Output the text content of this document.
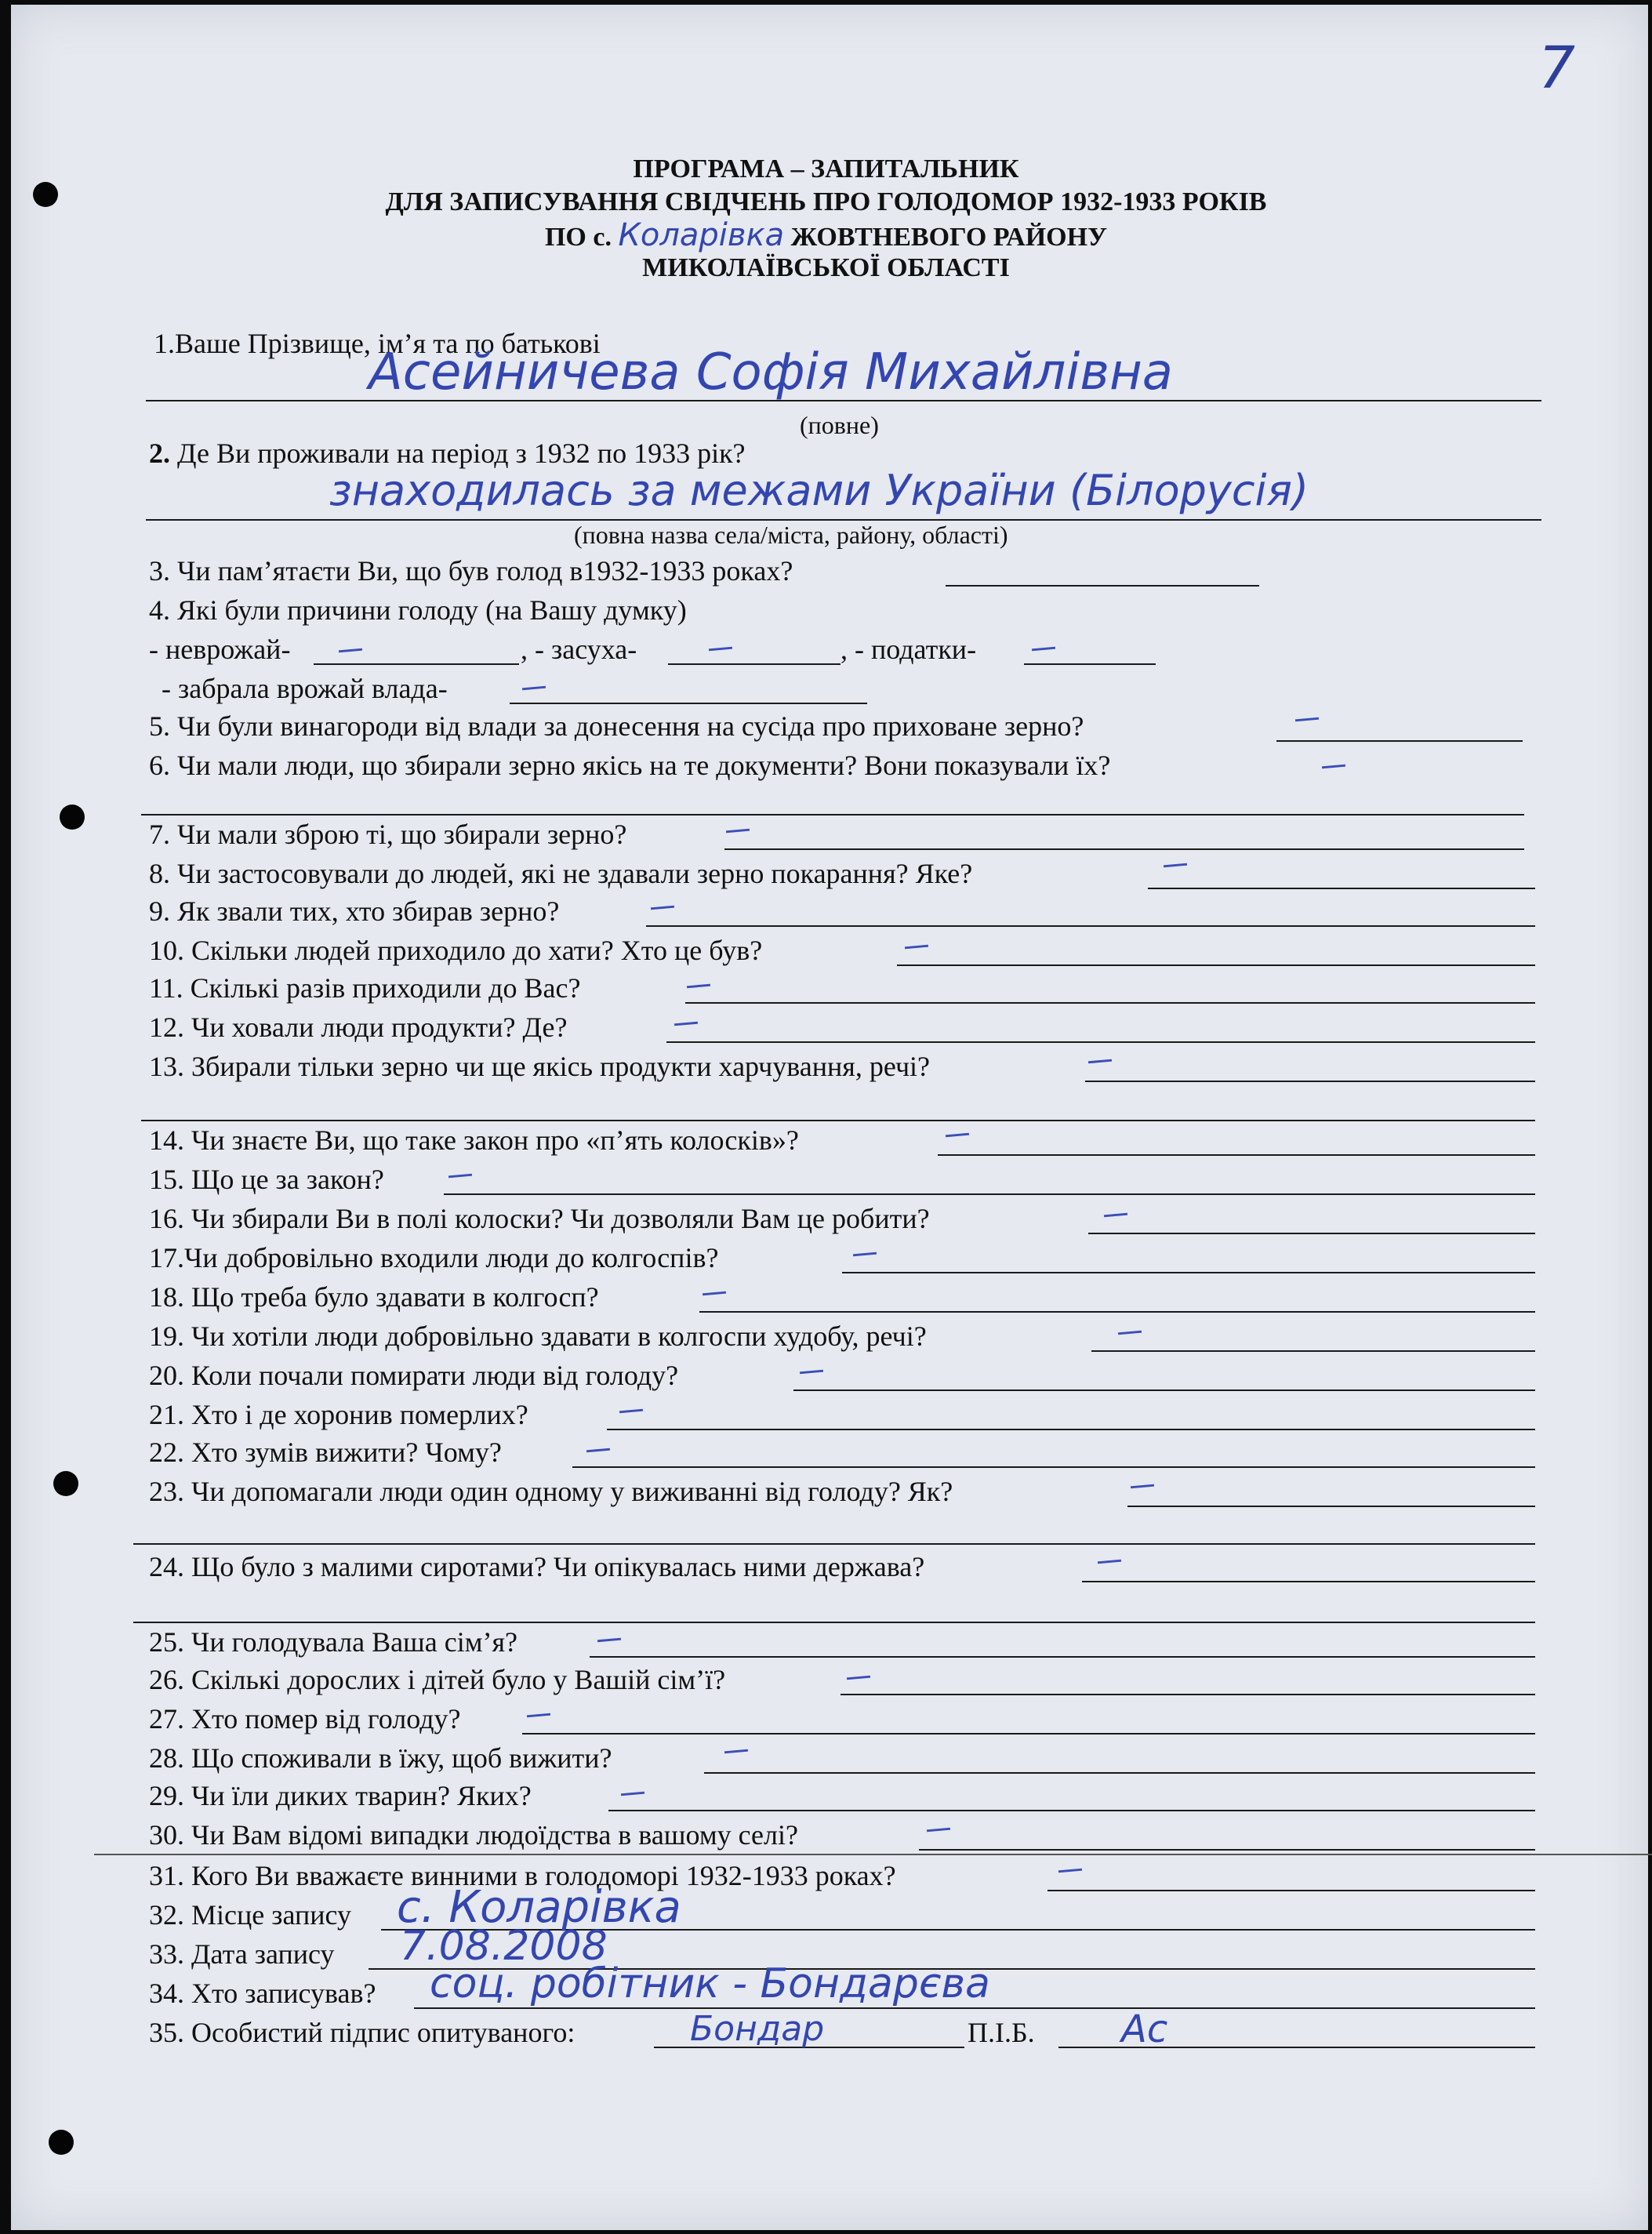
7
ПРОГРАМА – ЗАПИТАЛЬНИК
ДЛЯ ЗАПИСУВАННЯ СВІДЧЕНЬ ПРО ГОЛОДОМОР 1932-1933 РОКІВ
ПО с. Коларівка ЖОВТНЕВОГО РАЙОНУ
МИКОЛАЇВСЬКОЇ ОБЛАСТІ
1.Ваше Прізвище, ім’я та по батькові
Асейничева Софія Михайлівна
(повне)
2. Де Ви проживали на період з 1932 по 1933 рік?
знаходилась за межами України (Білорусія)
(повна назва села/міста, району, області)
3. Чи пам’ятаєти Ви, що був голод в1932-1933 роках?
4. Які були причини голоду (на Вашу думку)
- неврожай-	, - засуха-	, - податки-
- забрала врожай влада-
5. Чи були винагороди від влади за донесення на сусіда про приховане зерно?
6. Чи мали люди, що збирали зерно якісь на те документи? Вони показували їх?
7. Чи мали зброю ті, що збирали зерно?
8. Чи застосовували до людей, які не здавали зерно покарання? Яке?
9. Як звали тих, хто збирав зерно?
10. Скільки людей приходило до хати? Хто це був?
11. Скількі разів приходили до Вас?
12. Чи ховали люди продукти? Де?
13. Збирали тільки зерно чи ще якісь продукти харчування, речі?
14. Чи знаєте Ви, що таке закон про «п’ять колосків»?
15. Що це за закон?
16. Чи збирали Ви в полі колоски? Чи дозволяли Вам це робити?
17.Чи добровільно входили люди до колгоспів?
18. Що треба було здавати в колгосп?
19. Чи хотіли люди добровільно здавати в колгоспи худобу, речі?
20. Коли почали помирати люди від голоду?
21. Хто і де хоронив померлих?
22. Хто зумів вижити? Чому?
23. Чи допомагали люди один одному у виживанні від голоду? Як?
24. Що було з малими сиротами? Чи опікувалась ними держава?
25. Чи голодувала Ваша сім’я?
26. Скількі дорослих і дітей було у Вашій сім’ї?
27. Хто помер від голоду?
28. Що споживали в їжу, щоб вижити?
29. Чи їли диких тварин? Яких?
30. Чи Вам відомі випадки людоїдства в вашому селі?
31. Кого Ви вважаєте винними в голодоморі 1932-1933 роках?
32. Місце запису с. Коларівка
33. Дата запису 7.08.2008
34. Хто записував? соц. робітник - Бондарєва
35. Особистий підпис опитуваного:	Бондар	П.І.Б. Ас
